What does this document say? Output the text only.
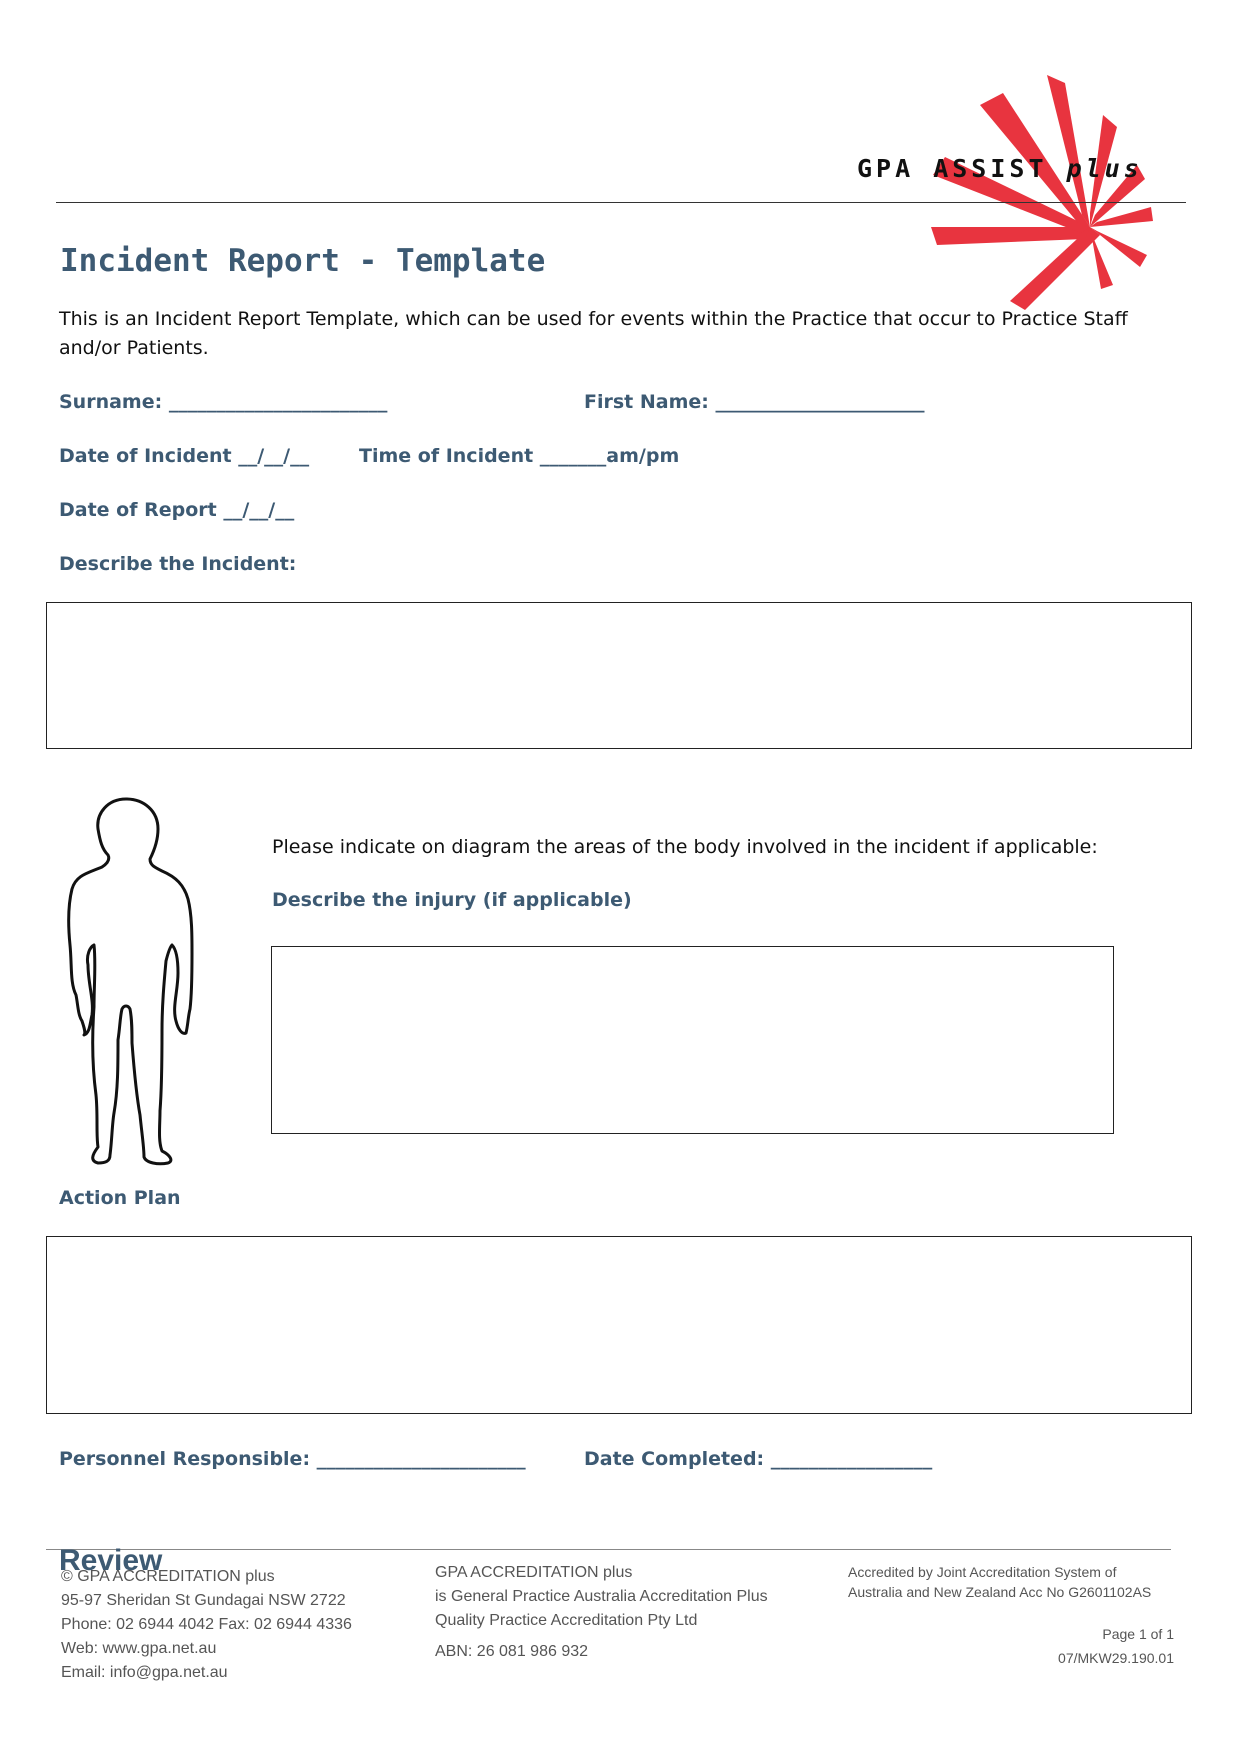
GPA ASSIST plus
Incident Report - Template
This is an Incident Report Template, which can be used for events within the Practice that occur to Practice Staff and/or Patients.
Surname: _______________________	First Name: ______________________
Date of Incident __/__/__	Time of Incident _______am/pm
Date of Report __/__/__
Describe the Incident:
Please indicate on diagram the areas of the body involved in the incident if applicable:
Describe the injury (if applicable)
Action Plan
Personnel Responsible: ______________________	Date Completed: _________________
Review
© GPA ACCREDITATION plus
95-97 Sheridan St Gundagai NSW 2722
Phone: 02 6944 4042 Fax: 02 6944 4336
Web: www.gpa.net.au
Email: info@gpa.net.au
GPA ACCREDITATION plus
is General Practice Australia Accreditation Plus
Quality Practice Accreditation Pty Ltd
ABN: 26 081 986 932
Accredited by Joint Accreditation System of
Australia and New Zealand Acc No G2601102AS
Page 1 of 1
07/MKW29.190.01
